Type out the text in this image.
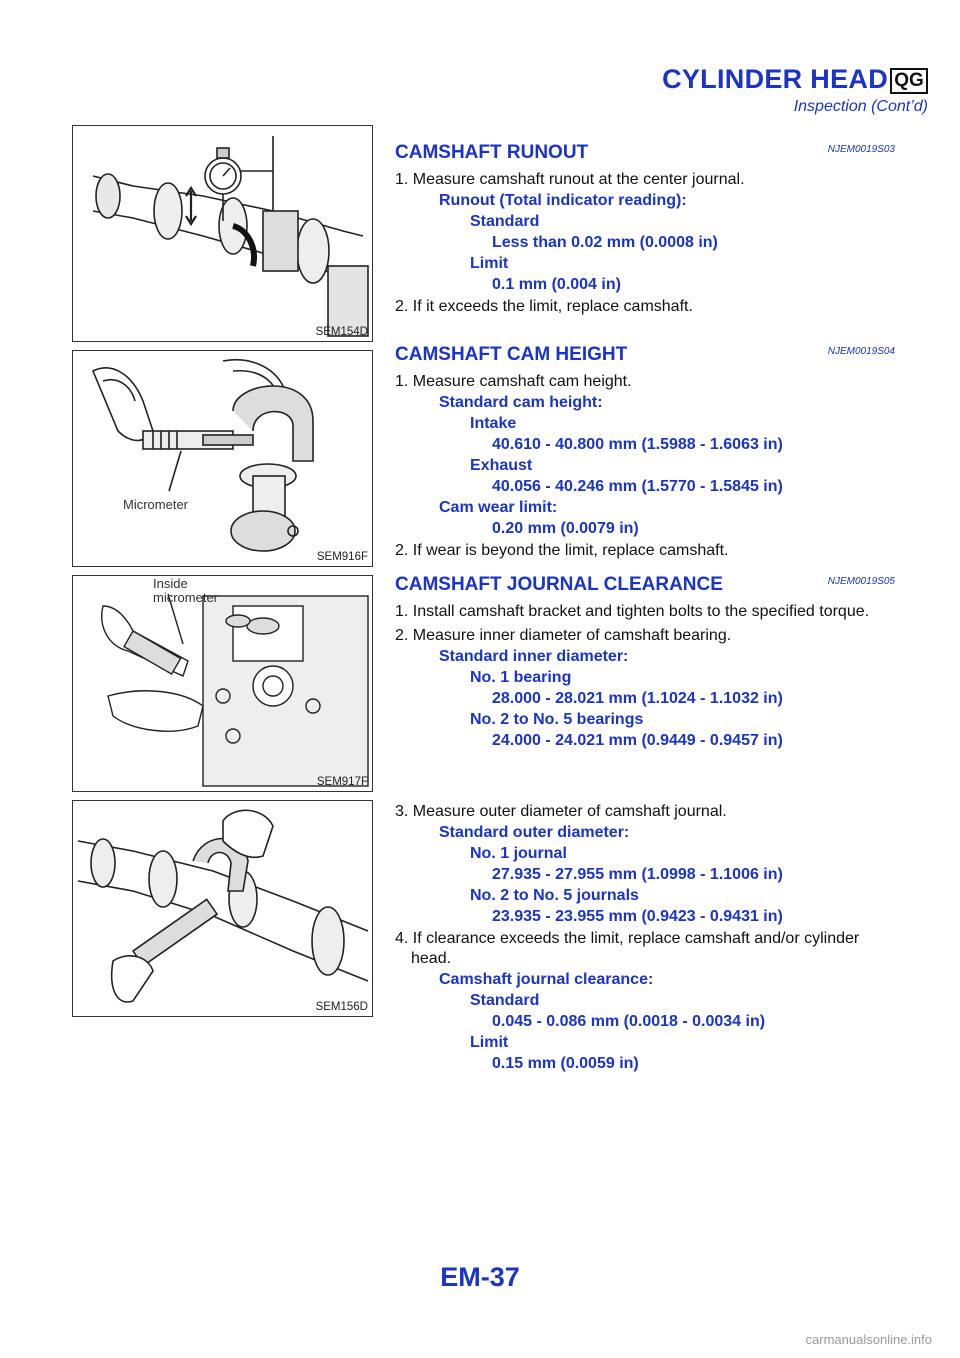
CYLINDER HEAD QG
Inspection (Cont’d)
SEM154D
Micrometer
SEM916F
Inside
micrometer
SEM917F
SEM156D
CAMSHAFT RUNOUT	NJEM0019S03
1. Measure camshaft runout at the center journal.
Runout (Total indicator reading):
Standard
Less than 0.02 mm (0.0008 in)
Limit
0.1 mm (0.004 in)
2. If it exceeds the limit, replace camshaft.
CAMSHAFT CAM HEIGHT	NJEM0019S04
1. Measure camshaft cam height.
Standard cam height:
Intake
40.610 - 40.800 mm (1.5988 - 1.6063 in)
Exhaust
40.056 - 40.246 mm (1.5770 - 1.5845 in)
Cam wear limit:
0.20 mm (0.0079 in)
2. If wear is beyond the limit, replace camshaft.
CAMSHAFT JOURNAL CLEARANCE	NJEM0019S05
1. Install camshaft bracket and tighten bolts to the specified torque.
2. Measure inner diameter of camshaft bearing.
Standard inner diameter:
No. 1 bearing
28.000 - 28.021 mm (1.1024 - 1.1032 in)
No. 2 to No. 5 bearings
24.000 - 24.021 mm (0.9449 - 0.9457 in)
3. Measure outer diameter of camshaft journal.
Standard outer diameter:
No. 1 journal
27.935 - 27.955 mm (1.0998 - 1.1006 in)
No. 2 to No. 5 journals
23.935 - 23.955 mm (0.9423 - 0.9431 in)
4. If clearance exceeds the limit, replace camshaft and/or cylinder head.
Camshaft journal clearance:
Standard
0.045 - 0.086 mm (0.0018 - 0.0034 in)
Limit
0.15 mm (0.0059 in)
EM-37
carmanualsonline.info
